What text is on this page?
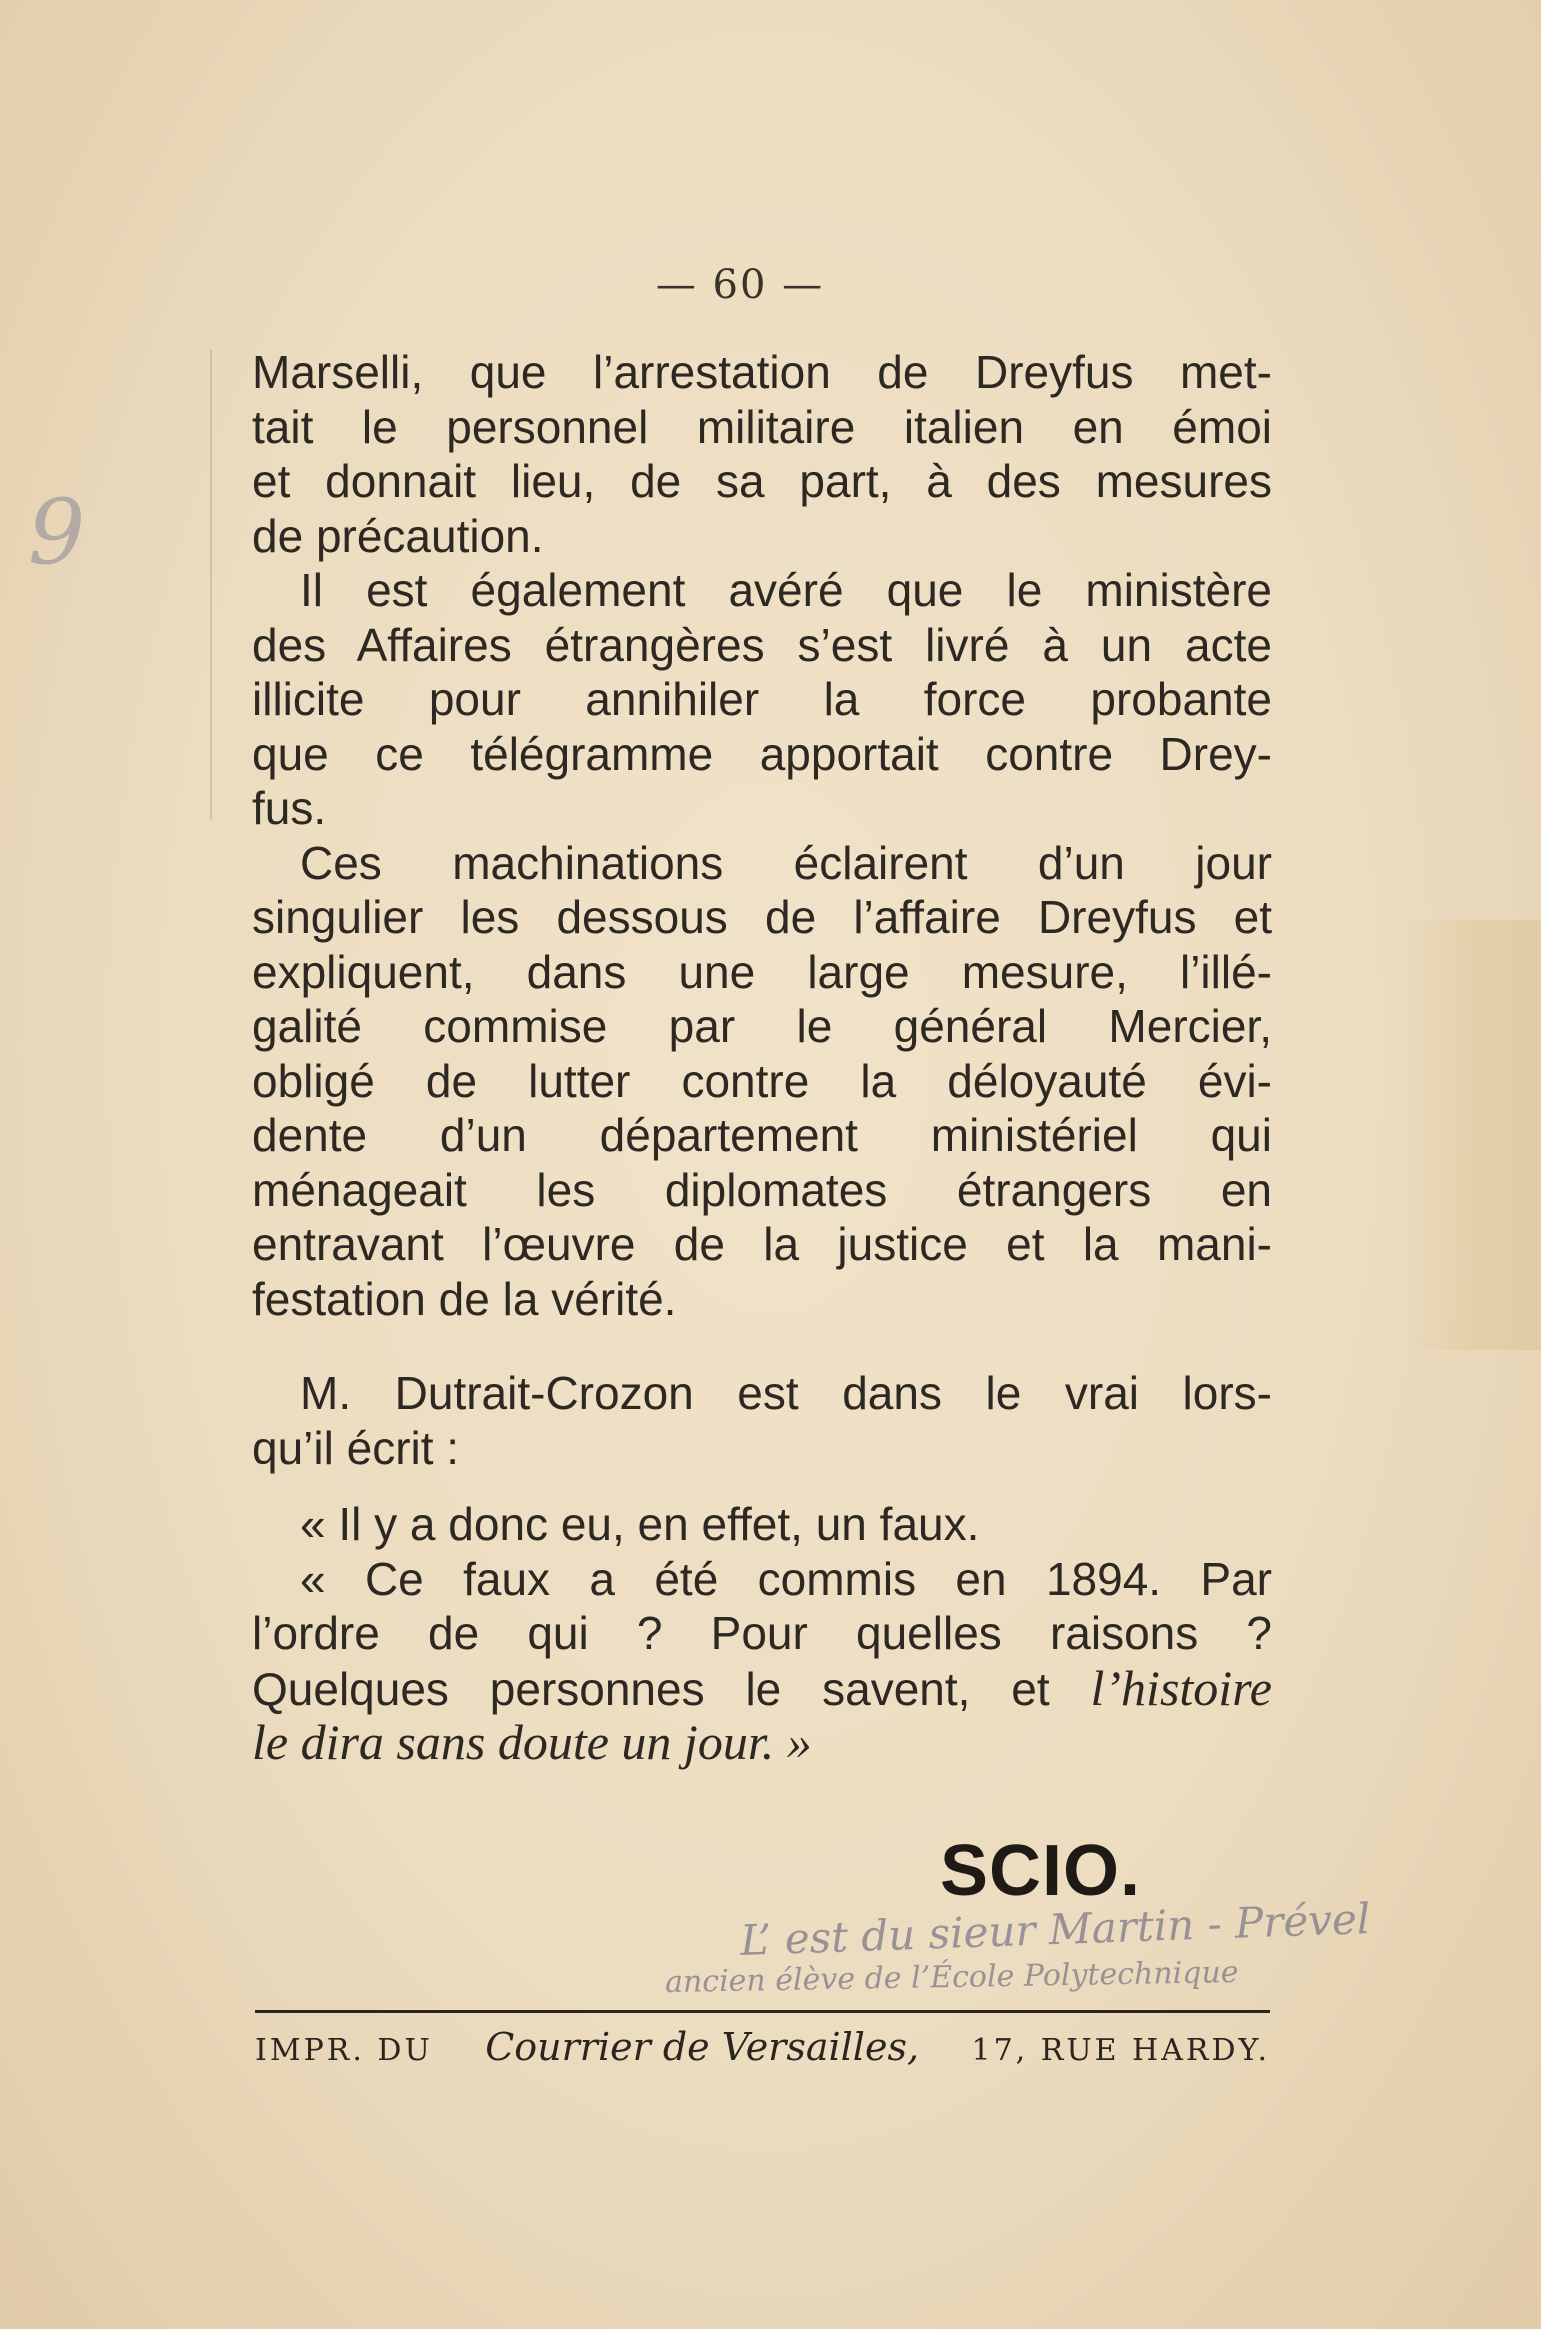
9
— 60 —
Marselli, que l’arrestation de Dreyfus met-
tait le personnel militaire italien en émoi
et donnait lieu, de sa part, à des mesures
de précaution.
Il est également avéré que le ministère
des Affaires étrangères s’est livré à un acte
illicite pour annihiler la force probante
que ce télégramme apportait contre Drey-
fus.
Ces machinations éclairent d’un jour
singulier les dessous de l’affaire Dreyfus et
expliquent, dans une large mesure, l’illé-
galité commise par le général Mercier,
obligé de lutter contre la déloyauté évi-
dente d’un département ministériel qui
ménageait les diplomates étrangers en
entravant l’œuvre de la justice et la mani-
festation de la vérité.
M. Dutrait-Crozon est dans le vrai lors-
qu’il écrit :
« Il y a donc eu, en effet, un faux.
« Ce faux a été commis en 1894. Par
l’ordre de qui ? Pour quelles raisons ?
Quelques personnes le savent, et l’histoire
le dira sans doute un jour. »
SCIO.
L’ est du sieur Martin - Prével
ancien élève de l’École Polytechnique
IMPR. DU Courrier de Versailles, 17, RUE HARDY.
